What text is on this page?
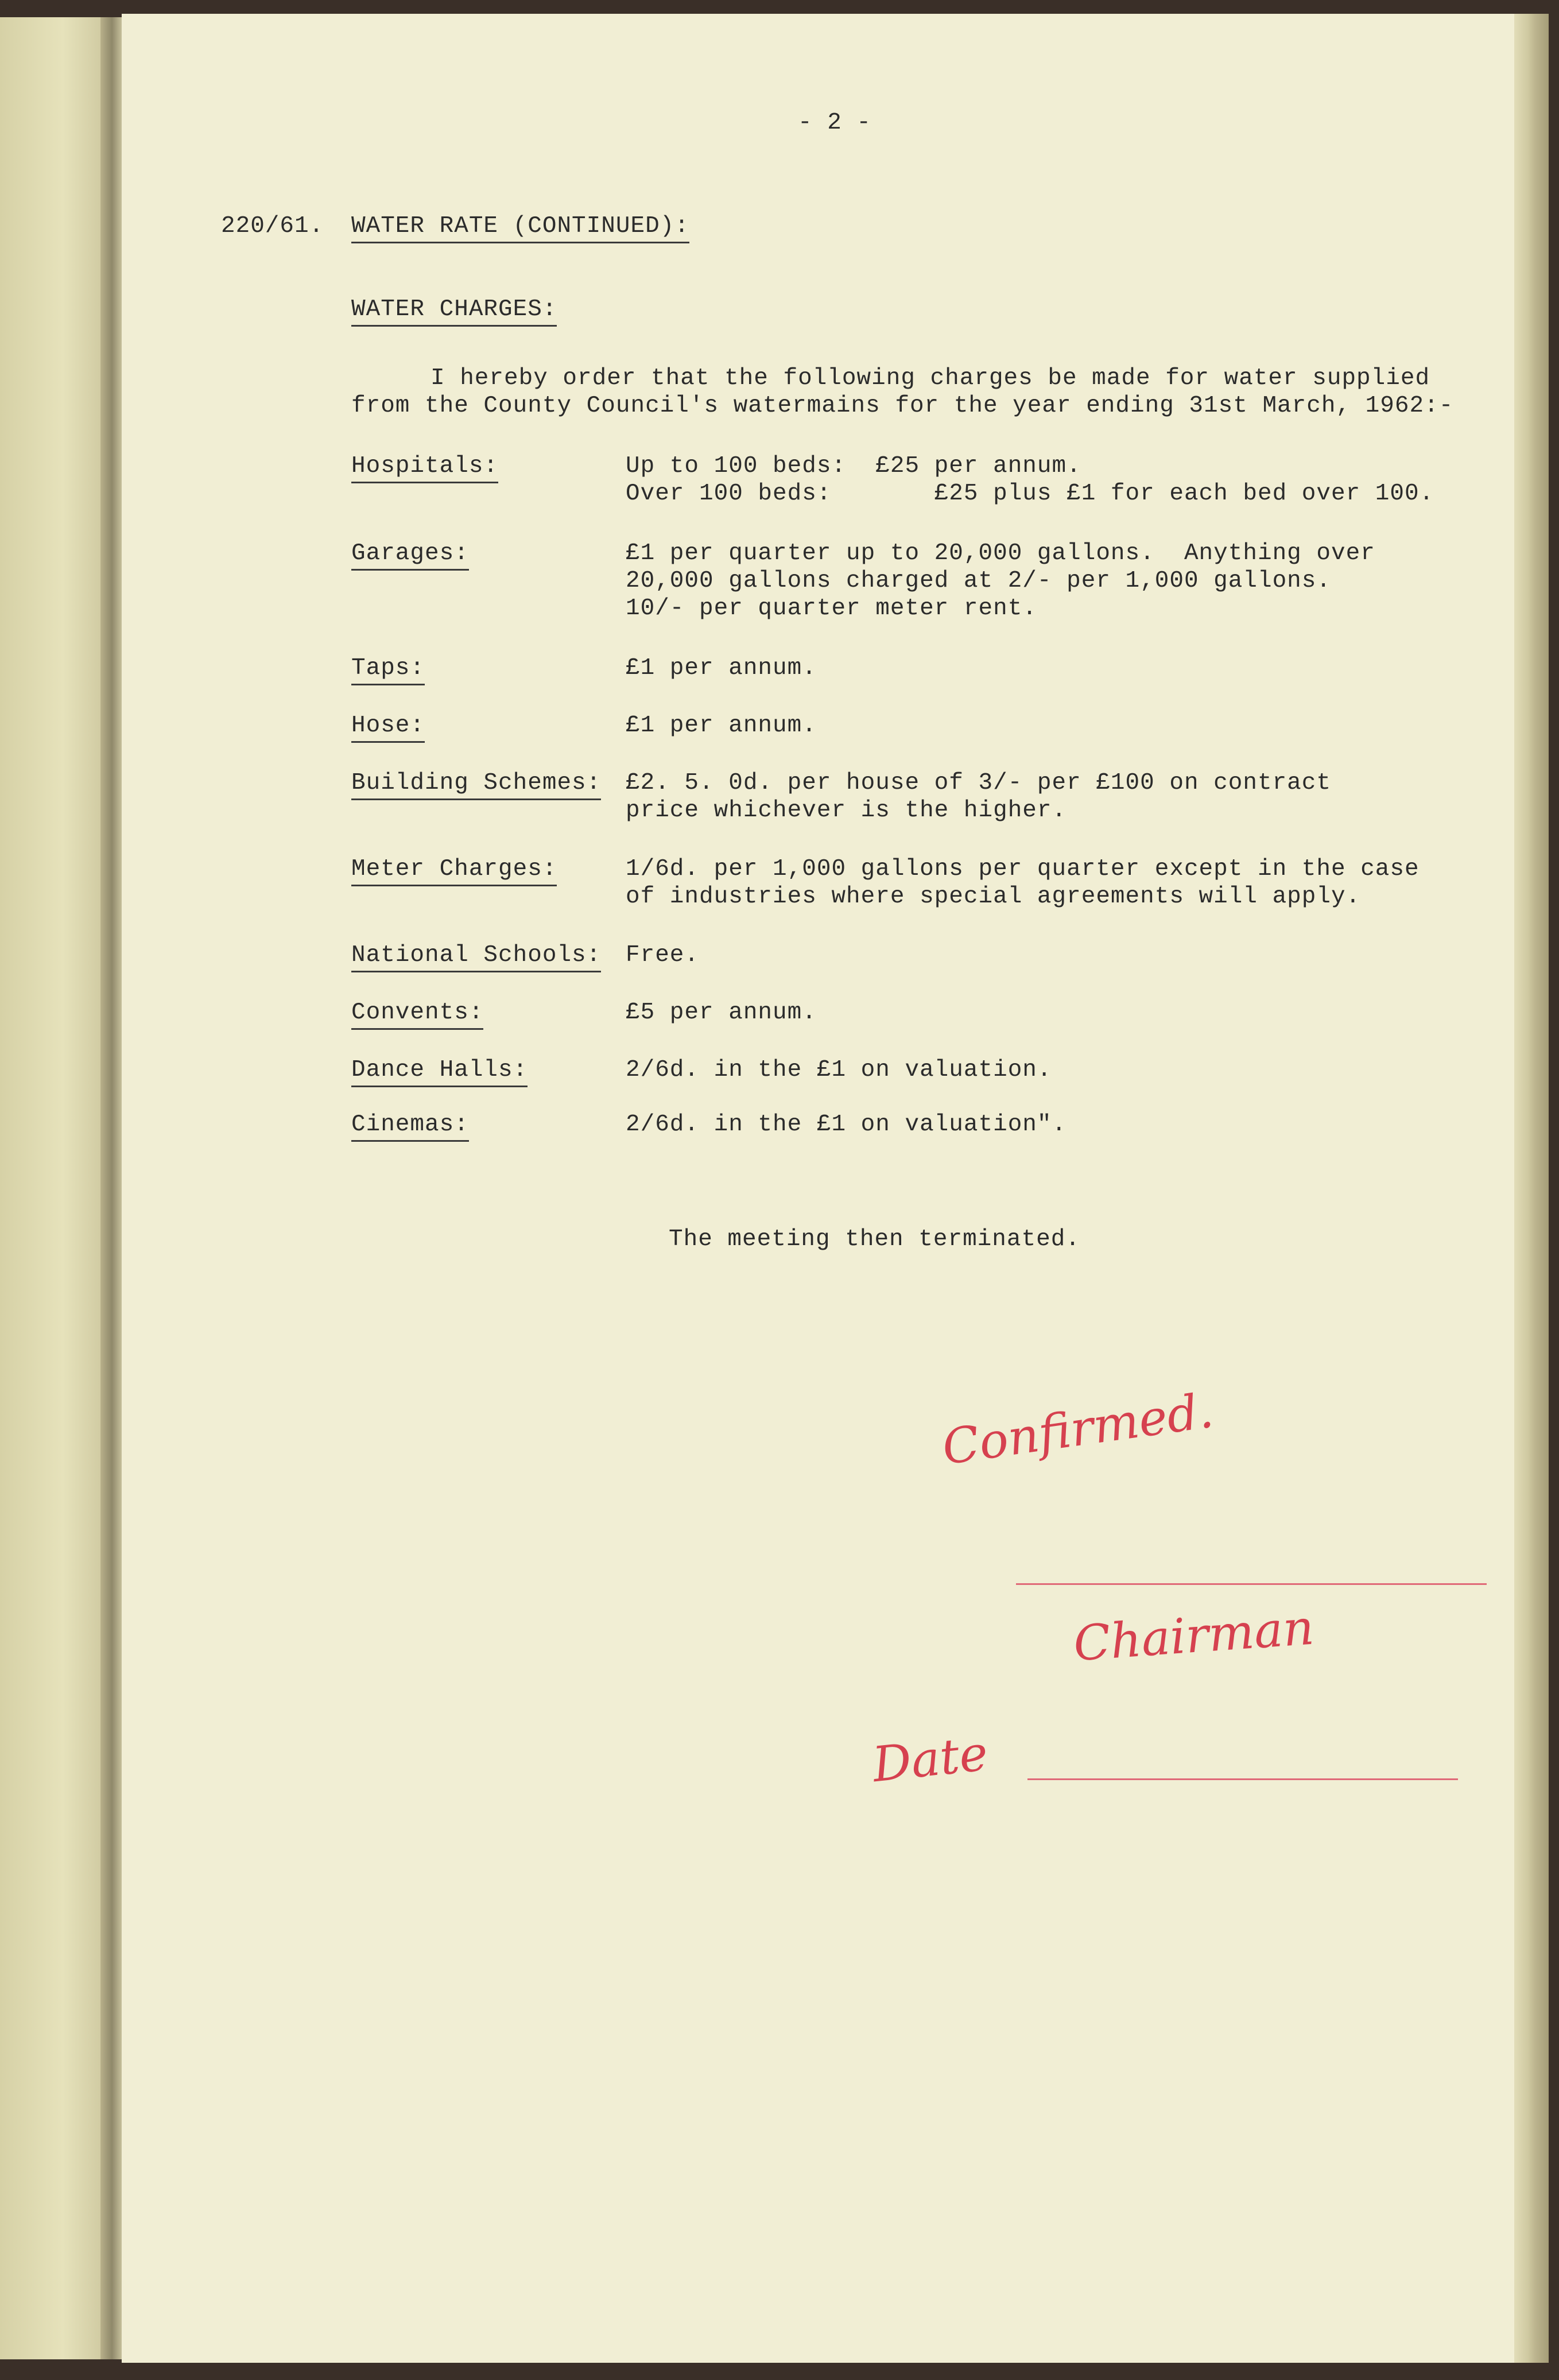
- 2 -
220/61. WATER RATE (CONTINUED):
WATER CHARGES:
I hereby order that the following charges be made for water supplied
from the County Council's watermains for the year ending 31st March, 1962:-
Hospitals:	Up to 100 beds:  £25 per annum.
Over 100 beds:       £25 plus £1 for each bed over 100.
Garages:	£1 per quarter up to 20,000 gallons.  Anything over
20,000 gallons charged at 2/- per 1,000 gallons.
10/- per quarter meter rent.
Taps:	£1 per annum.
Hose:	£1 per annum.
Building Schemes: £2. 5. 0d. per house of 3/- per £100 on contract
price whichever is the higher.
Meter Charges:	1/6d. per 1,000 gallons per quarter except in the case
of industries where special agreements will apply.
National Schools: Free.
Convents:	£5 per annum.
Dance Halls:	2/6d. in the £1 on valuation.
Cinemas:	2/6d. in the £1 on valuation".
The meeting then terminated.
Confirmed.
Chairman
Date
